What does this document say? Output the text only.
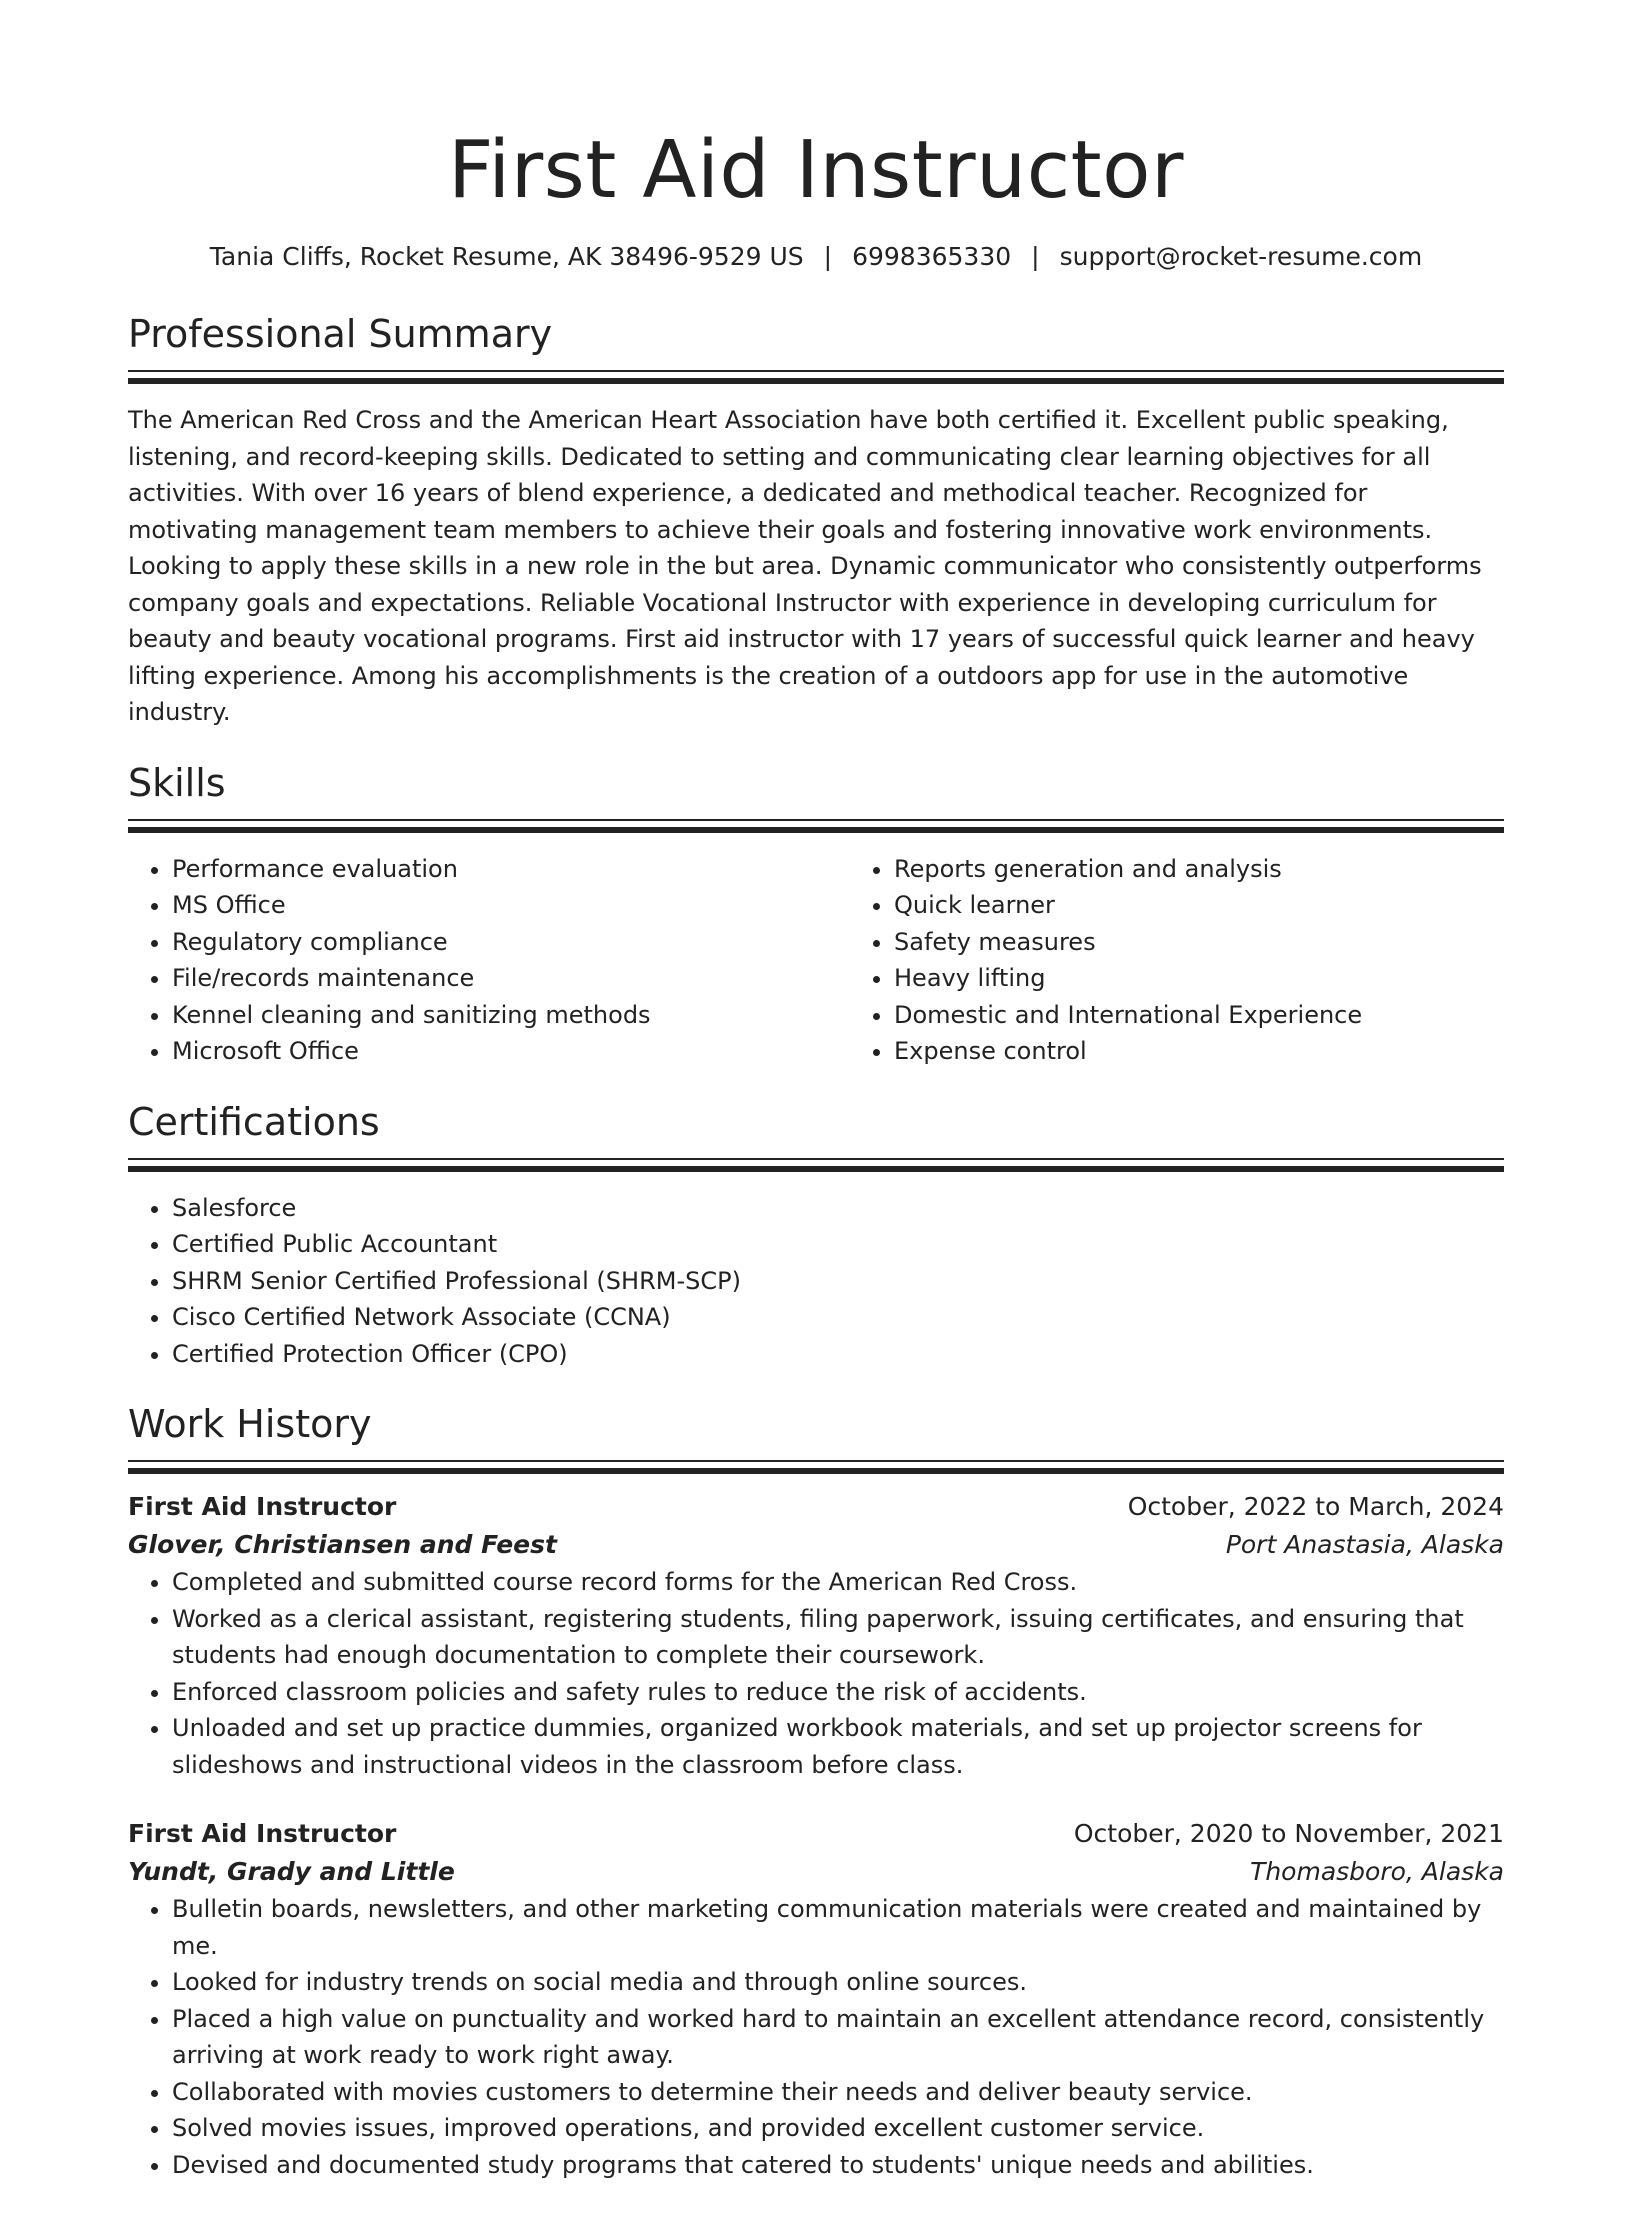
First Aid Instructor
Tania Cliffs, Rocket Resume, AK 38496-9529 US | 6998365330 | support@rocket-resume.com
Professional Summary

The American Red Cross and the American Heart Association have both certified it. Excellent public speaking, listening, and record-keeping skills. Dedicated to setting and communicating clear learning objectives for all activities. With over 16 years of blend experience, a dedicated and methodical teacher. Recognized for motivating management team members to achieve their goals and fostering innovative work environments. Looking to apply these skills in a new role in the but area. Dynamic communicator who consistently outperforms company goals and expectations. Reliable Vocational Instructor with experience in developing curriculum for beauty and beauty vocational programs. First aid instructor with 17 years of successful quick learner and heavy lifting experience. Among his accomplishments is the creation of a outdoors app for use in the automotive industry.

Skills
• Performance evaluation
• MS Office
• Regulatory compliance
• File/records maintenance
• Kennel cleaning and sanitizing methods
• Microsoft Office
• Reports generation and analysis
• Quick learner
• Safety measures
• Heavy lifting
• Domestic and International Experience
• Expense control
Certifications
• Salesforce
• Certified Public Accountant
• SHRM Senior Certified Professional (SHRM-SCP)
• Cisco Certified Network Associate (CCNA)
• Certified Protection Officer (CPO)
Work History
First Aid Instructor	October, 2022 to March, 2024
Glover, Christiansen and Feest	Port Anastasia, Alaska
• Completed and submitted course record forms for the American Red Cross.
• Worked as a clerical assistant, registering students, filing paperwork, issuing certificates, and ensuring that students had enough documentation to complete their coursework.
• Enforced classroom policies and safety rules to reduce the risk of accidents.
• Unloaded and set up practice dummies, organized workbook materials, and set up projector screens for slideshows and instructional videos in the classroom before class.
First Aid Instructor	October, 2020 to November, 2021
Yundt, Grady and Little	Thomasboro, Alaska
• Bulletin boards, newsletters, and other marketing communication materials were created and maintained by me.
• Looked for industry trends on social media and through online sources.
• Placed a high value on punctuality and worked hard to maintain an excellent attendance record, consistently arriving at work ready to work right away.
• Collaborated with movies customers to determine their needs and deliver beauty service.
• Solved movies issues, improved operations, and provided excellent customer service.
• Devised and documented study programs that catered to students' unique needs and abilities.
